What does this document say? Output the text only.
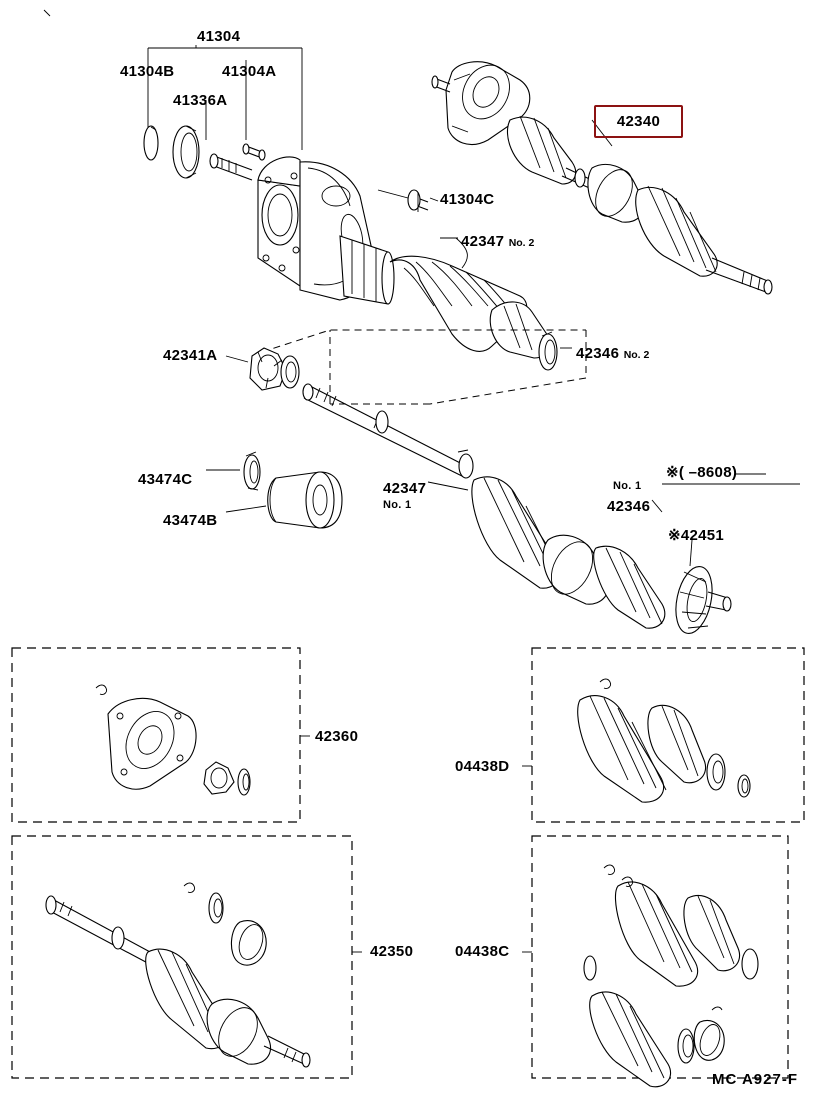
41304
41304B	41304A
41336A
41304C
42347 No. 2
42341A	42346 No. 2
43474C
43474B
42347
No. 1	42346
No. 1
※42451
※( –8608)
42360
04438D
42350	04438C
42340
MC A927-F
